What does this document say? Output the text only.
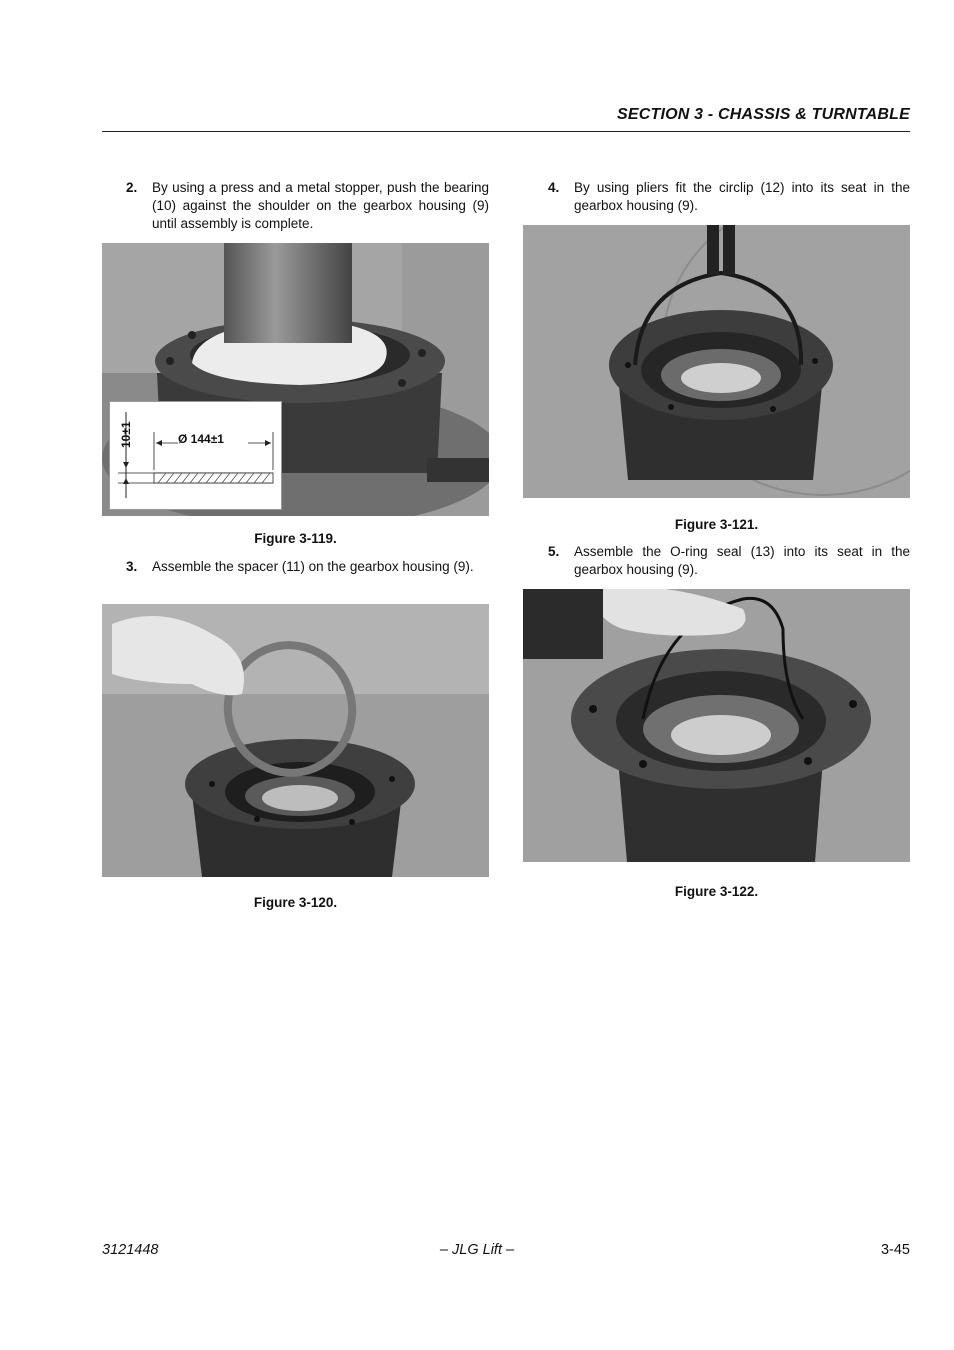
SECTION 3 - CHASSIS & TURNTABLE
2. By using a press and a metal stopper, push the bearing (10) against the shoulder on the gearbox housing (9) until assembly is complete.
10±1	Ø 144±1
Figure 3-119.
3. Assemble the spacer (11) on the gearbox housing (9).
Figure 3-120.
4. By using pliers fit the circlip (12) into its seat in the gearbox housing (9).
Figure 3-121.
5. Assemble the O-ring seal (13) into its seat in the gearbox housing (9).
Figure 3-122.
3121448	– JLG Lift –	3-45
